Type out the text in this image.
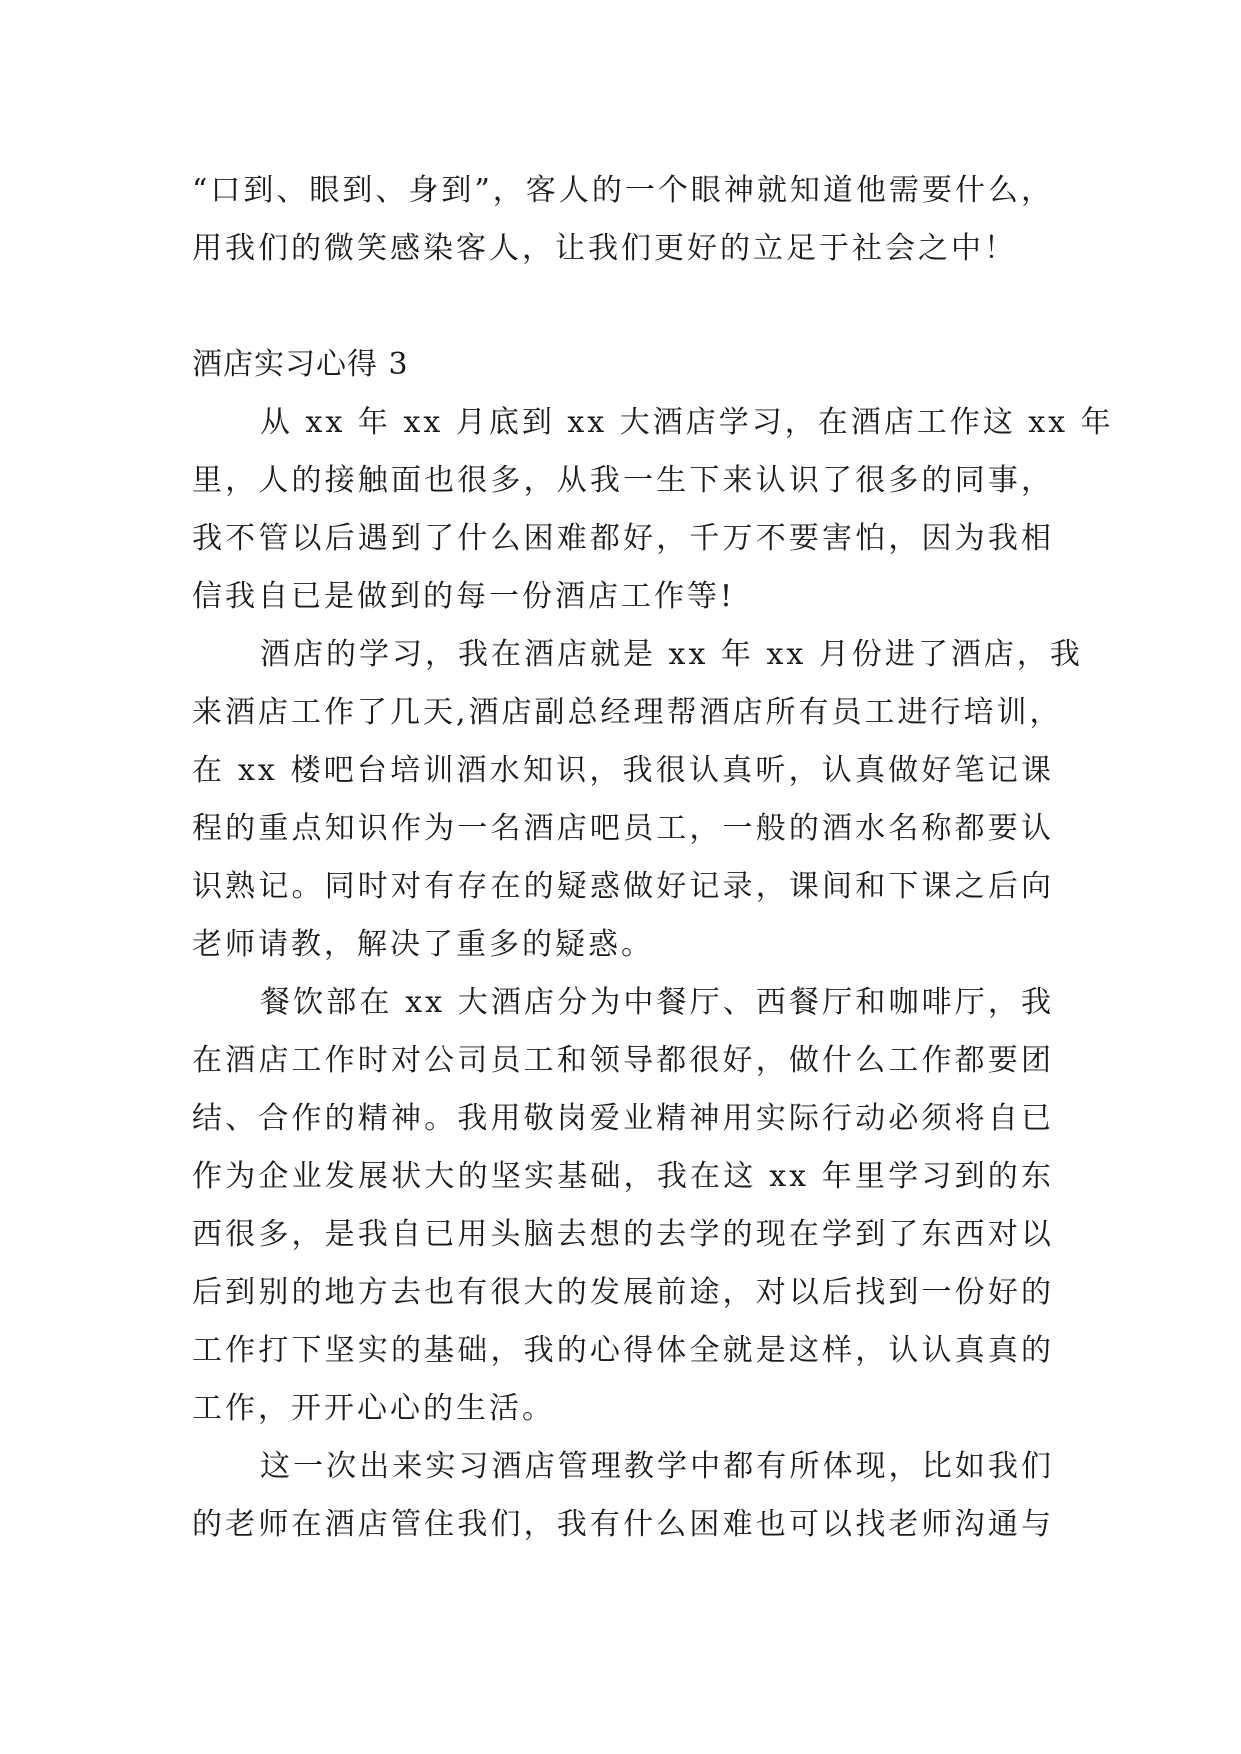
“口到、眼到、身到”，客人的一个眼神就知道他需要什么，
用我们的微笑感染客人，让我们更好的立足于社会之中！
酒店实习心得 3
从 xx 年 xx 月底到 xx 大酒店学习，在酒店工作这 xx 年
里，人的接触面也很多，从我一生下来认识了很多的同事，
我不管以后遇到了什么困难都好，千万不要害怕，因为我相
信我自已是做到的每一份酒店工作等!
酒店的学习，我在酒店就是 xx 年 xx 月份进了酒店，我
来酒店工作了几天,酒店副总经理帮酒店所有员工进行培训，
在 xx 楼吧台培训酒水知识，我很认真听，认真做好笔记课
程的重点知识作为一名酒店吧员工，一般的酒水名称都要认
识熟记。同时对有存在的疑惑做好记录，课间和下课之后向
老师请教，解决了重多的疑惑。
餐饮部在 xx 大酒店分为中餐厅、西餐厅和咖啡厅，我
在酒店工作时对公司员工和领导都很好，做什么工作都要团
结、合作的精神。我用敬岗爱业精神用实际行动必须将自已
作为企业发展状大的坚实基础，我在这 xx 年里学习到的东
西很多，是我自已用头脑去想的去学的现在学到了东西对以
后到别的地方去也有很大的发展前途，对以后找到一份好的
工作打下坚实的基础，我的心得体全就是这样，认认真真的
工作，开开心心的生活。
这一次出来实习酒店管理教学中都有所体现，比如我们
的老师在酒店管住我们，我有什么困难也可以找老师沟通与
